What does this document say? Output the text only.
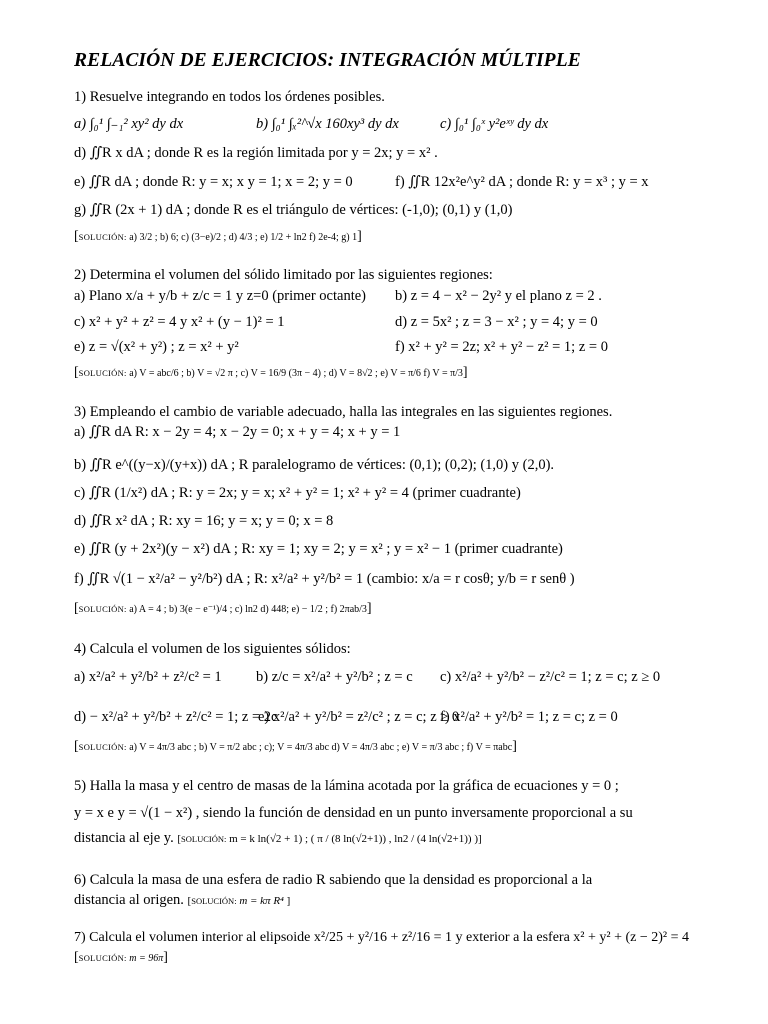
RELACIÓN DE EJERCICIOS: INTEGRACIÓN MÚLTIPLE
1) Resuelve integrando en todos los órdenes posibles.
a) ∫₀¹ ∫₋₁² xy² dy dx	b) ∫₀¹ ∫ₓ²^√x 160xy³ dy dx	c) ∫₀¹ ∫₀ˣ y²eˣʸ dy dx
d) ∬R x dA ; donde R es la región limitada por y = 2x; y = x² .
e) ∬R dA ; donde R: y = x; x y = 1; x = 2; y = 0	f) ∬R 12x²e^y² dA ; donde R: y = x³ ; y = x
g) ∬R (2x + 1) dA ; donde R es el triángulo de vértices: (-1,0); (0,1) y (1,0)
[SOLUCIÓN: a) 3/2 ; b) 6; c) (3−e)/2 ; d) 4/3 ; e) 1/2 + ln2 f) 2e-4; g) 1]
2) Determina el volumen del sólido limitado por las siguientes regiones:
a) Plano x/a + y/b + z/c = 1 y z=0 (primer octante) b) z = 4 − x² − 2y² y el plano z = 2 .
c) x² + y² + z² = 4 y x² + (y − 1)² = 1	d) z = 5x² ; z = 3 − x² ; y = 4; y = 0
e) z = √(x² + y²) ; z = x² + y²	f) x² + y² = 2z; x² + y² − z² = 1; z = 0
[SOLUCIÓN: a) V = abc/6 ; b) V = √2 π ; c) V = 16/9 (3π − 4) ; d) V = 8√2 ; e) V = π/6 f) V = π/3]
3) Empleando el cambio de variable adecuado, halla las integrales en las siguientes regiones.
a) ∬R dA R: x − 2y = 4; x − 2y = 0; x + y = 4; x + y = 1
b) ∬R e^((y−x)/(y+x)) dA ; R paralelogramo de vértices: (0,1); (0,2); (1,0) y (2,0).
c) ∬R (1/x²) dA ; R: y = 2x; y = x; x² + y² = 1; x² + y² = 4 (primer cuadrante)
d) ∬R x² dA ; R: xy = 16; y = x; y = 0; x = 8
e) ∬R (y + 2x²)(y − x²) dA ; R: xy = 1; xy = 2; y = x² ; y = x² − 1 (primer cuadrante)
f) ∬R √(1 − x²/a² − y²/b²) dA ; R: x²/a² + y²/b² = 1 (cambio: x/a = r cosθ; y/b = r senθ )
[SOLUCIÓN: a) A = 4 ; b) 3(e − e⁻¹)/4 ; c) ln2 d) 448; e) − 1/2 ; f) 2πab/3]
4) Calcula el volumen de los siguientes sólidos:
a) x²/a² + y²/b² + z²/c² = 1 b) z/c = x²/a² + y²/b² ; z = c c) x²/a² + y²/b² − z²/c² = 1; z = c; z ≥ 0
d) − x²/a² + y²/b² + z²/c² = 1; z = 2c
e) x²/a² + y²/b² = z²/c² ; z = c; z ≥ 0
f) x²/a² + y²/b² = 1; z = c; z = 0
[SOLUCIÓN: a) V = 4π/3 abc ; b) V = π/2 abc ; c); V = 4π/3 abc d) V = 4π/3 abc ; e) V = π/3 abc ; f) V = πabc]
5) Halla la masa y el centro de masas de la lámina acotada por la gráfica de ecuaciones y = 0 ;
y = x e y = √(1 − x²) , siendo la función de densidad en un punto inversamente proporcional a su
distancia al eje y. [SOLUCIÓN: m = k ln(√2 + 1) ; ( π / (8 ln(√2+1)) , ln2 / (4 ln(√2+1)) )]
6) Calcula la masa de una esfera de radio R sabiendo que la densidad es proporcional a la
distancia al origen. [SOLUCIÓN: m = kπ R⁴ ]
7) Calcula el volumen interior al elipsoide x²/25 + y²/16 + z²/16 = 1 y exterior a la esfera x² + y² + (z − 2)² = 4
[SOLUCIÓN: m = 96π]
